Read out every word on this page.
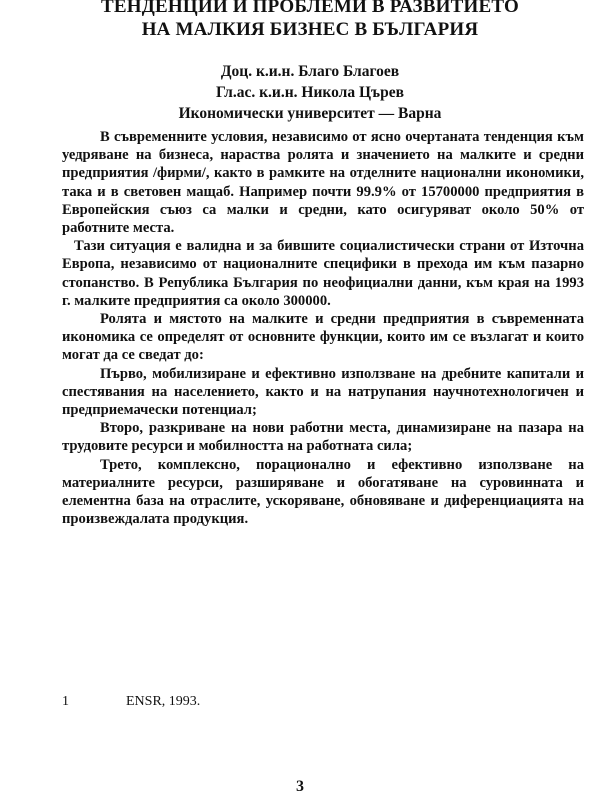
ТЕНДЕНЦИИ И ПРОБЛЕМИ В РАЗВИТИЕТО
НА МАЛКИЯ БИЗНЕС В БЪЛГАРИЯ
Доц. к.и.н. Благо Благоев
Гл.ас. к.и.н. Никола Църев
Икономически университет — Варна

В съвременните условия, независимо от ясно очертаната тенденция към уедряване на бизнеса, нараства ролята и значението на малките и средни предприятия /фирми/, както в рамките на отделните национални икономики, така и в световен мащаб. Например почти 99.9% от 15700000 предприятия в Европейския съюз са малки и средни, като осигуряват около 50% от работните места.

Тази ситуация е валидна и за бившите социалистически страни от Източна Европа, независимо от националните специфики в прехода им към пазарно стопанство. В Република България по неофициални данни, към края на 1993 г. малките предприятия са около 300000.

Ролята и мястото на малките и средни предприятия в съвременната икономика се определят от основните функции, които им се възлагат и които могат да се сведат до:

Първо, мобилизиране и ефективно използване на дребните капитали и спестявания на населението, както и на натрупания научнотехнологичен и предприемачески потенциал;

Второ, разкриване на нови работни места, динамизиране на пазара на трудовите ресурси и мобилността на работната сила;

Трето, комплексно, порационално и ефективно използване на материалните ресурси, разширяване и обогатяване на суровинната и елементна база на отраслите, ускоряване, обновяване и диференциацията на произвеждалата продукция.

1	ENSR, 1993.
3
